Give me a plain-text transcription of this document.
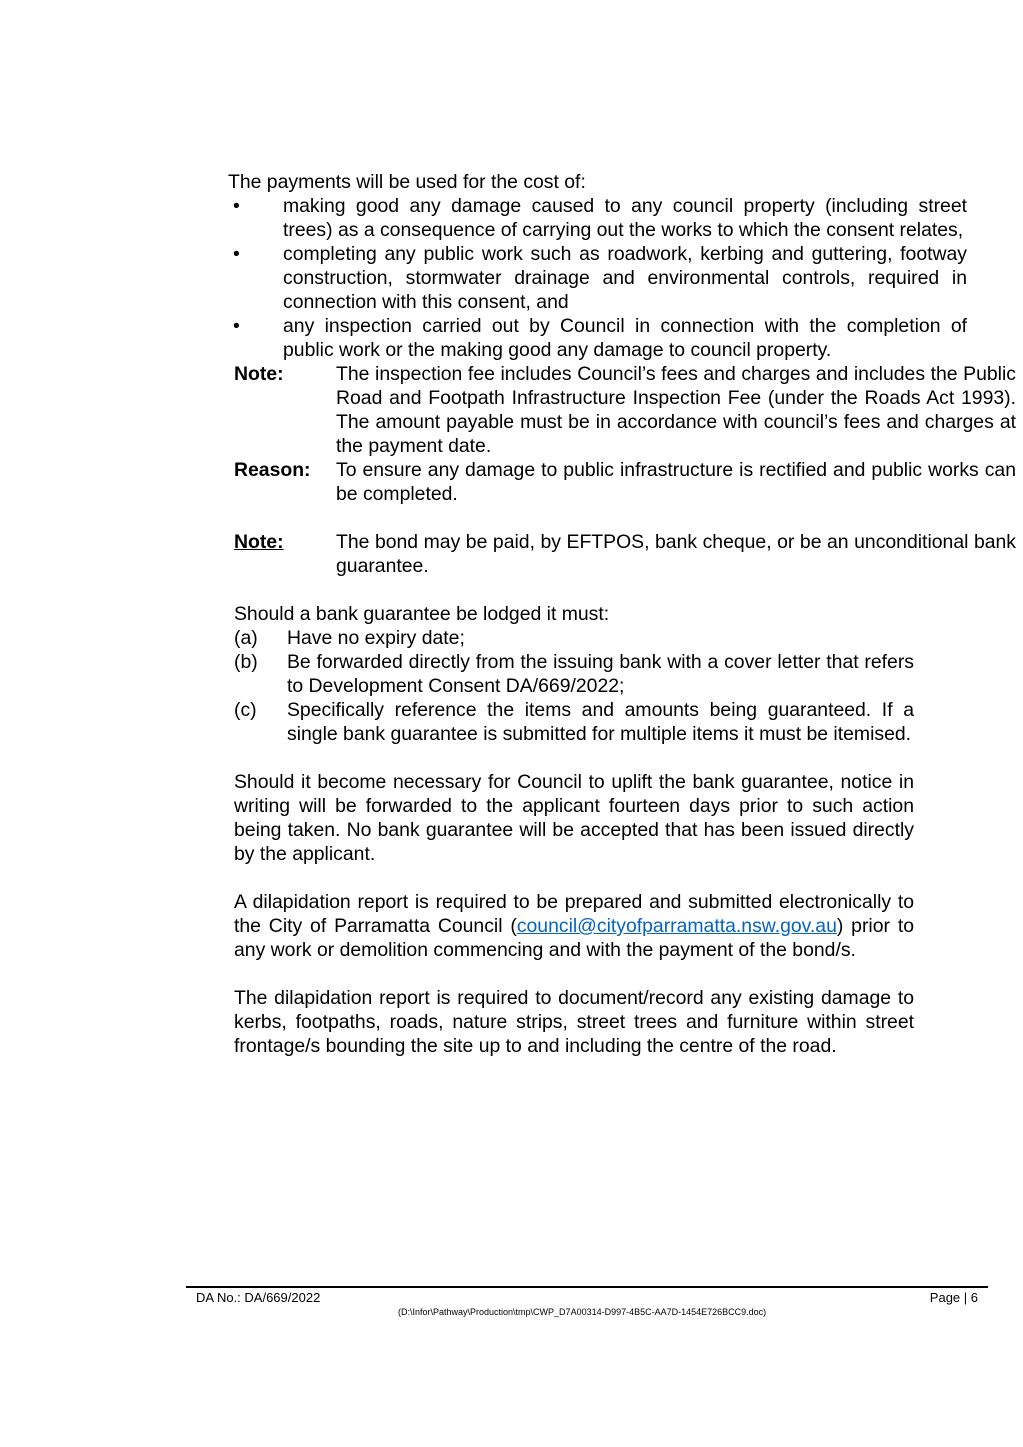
The payments will be used for the cost of:
•	making good any damage caused to any council property (including street trees) as a consequence of carrying out the works to which the consent relates,
•	completing any public work such as roadwork, kerbing and guttering, footway construction, stormwater drainage and environmental controls, required in connection with this consent, and
•	any inspection carried out by Council in connection with the completion of public work or the making good any damage to council property.
Note:	The inspection fee includes Council’s fees and charges and includes the Public Road and Footpath Infrastructure Inspection Fee (under the Roads Act 1993). The amount payable must be in accordance with council’s fees and charges at the payment date.
Reason: To ensure any damage to public infrastructure is rectified and public works can be completed.
Note:	The bond may be paid, by EFTPOS, bank cheque, or be an unconditional bank guarantee.
Should a bank guarantee be lodged it must:
(a) Have no expiry date;
(b) Be forwarded directly from the issuing bank with a cover letter that refers to Development Consent DA/669/2022;
(c) Specifically reference the items and amounts being guaranteed. If a single bank guarantee is submitted for multiple items it must be itemised.
Should it become necessary for Council to uplift the bank guarantee, notice in writing will be forwarded to the applicant fourteen days prior to such action being taken. No bank guarantee will be accepted that has been issued directly by the applicant.
A dilapidation report is required to be prepared and submitted electronically to the City of Parramatta Council (council@cityofparramatta.nsw.gov.au) prior to any work or demolition commencing and with the payment of the bond/s.
The dilapidation report is required to document/record any existing damage to kerbs, footpaths, roads, nature strips, street trees and furniture within street frontage/s bounding the site up to and including the centre of the road.
DA No.: DA/669/2022	Page | 6
(D:\Infor\Pathway\Production\tmp\CWP_D7A00314-D997-4B5C-AA7D-1454E726BCC9.doc)
